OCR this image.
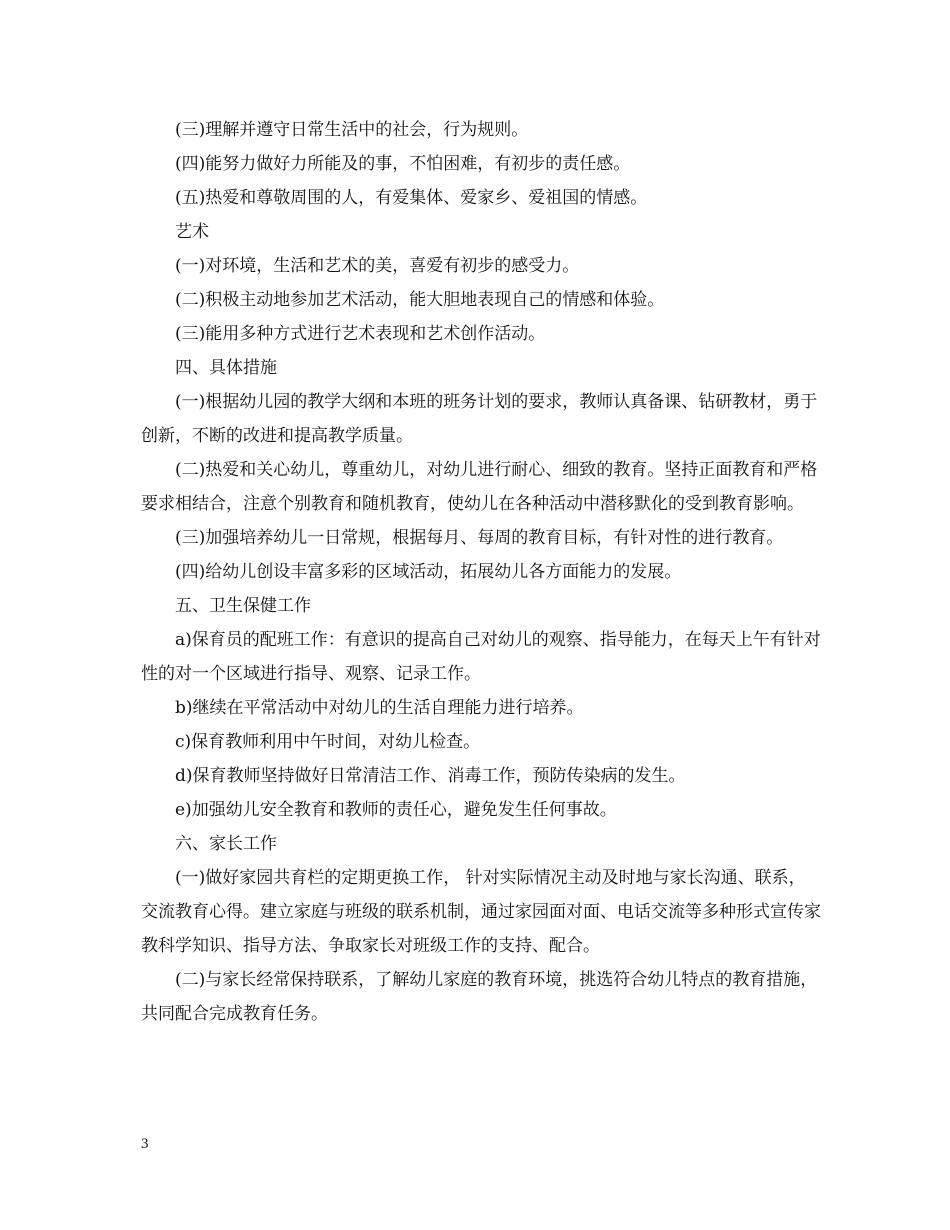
(三)理解并遵守日常生活中的社会，行为规则。

(四)能努力做好力所能及的事，不怕困难，有初步的责任感。

(五)热爱和尊敬周围的人，有爱集体、爱家乡、爱祖国的情感。

艺术

(一)对环境，生活和艺术的美，喜爱有初步的感受力。

(二)积极主动地参加艺术活动，能大胆地表现自己的情感和体验。

(三)能用多种方式进行艺术表现和艺术创作活动。

四、具体措施

(一)根据幼儿园的教学大纲和本班的班务计划的要求，教师认真备课、钻研教材，勇于创新，不断的改进和提高教学质量。

(二)热爱和关心幼儿，尊重幼儿，对幼儿进行耐心、细致的教育。坚持正面教育和严格要求相结合，注意个别教育和随机教育，使幼儿在各种活动中潜移默化的受到教育影响。

(三)加强培养幼儿一日常规，根据每月、每周的教育目标，有针对性的进行教育。

(四)给幼儿创设丰富多彩的区域活动，拓展幼儿各方面能力的发展。

五、卫生保健工作

a)保育员的配班工作：有意识的提高自己对幼儿的观察、指导能力，在每天上午有针对性的对一个区域进行指导、观察、记录工作。

b)继续在平常活动中对幼儿的生活自理能力进行培养。

c)保育教师利用中午时间，对幼儿检查。

d)保育教师坚持做好日常清洁工作、消毒工作，预防传染病的发生。

e)加强幼儿安全教育和教师的责任心，避免发生任何事故。

六、家长工作

(一)做好家园共育栏的定期更换工作， 针对实际情况主动及时地与家长沟通、联系，交流教育心得。建立家庭与班级的联系机制，通过家园面对面、电话交流等多种形式宣传家教科学知识、指导方法、争取家长对班级工作的支持、配合。

(二)与家长经常保持联系，了解幼儿家庭的教育环境，挑选符合幼儿特点的教育措施，共同配合完成教育任务。

3
